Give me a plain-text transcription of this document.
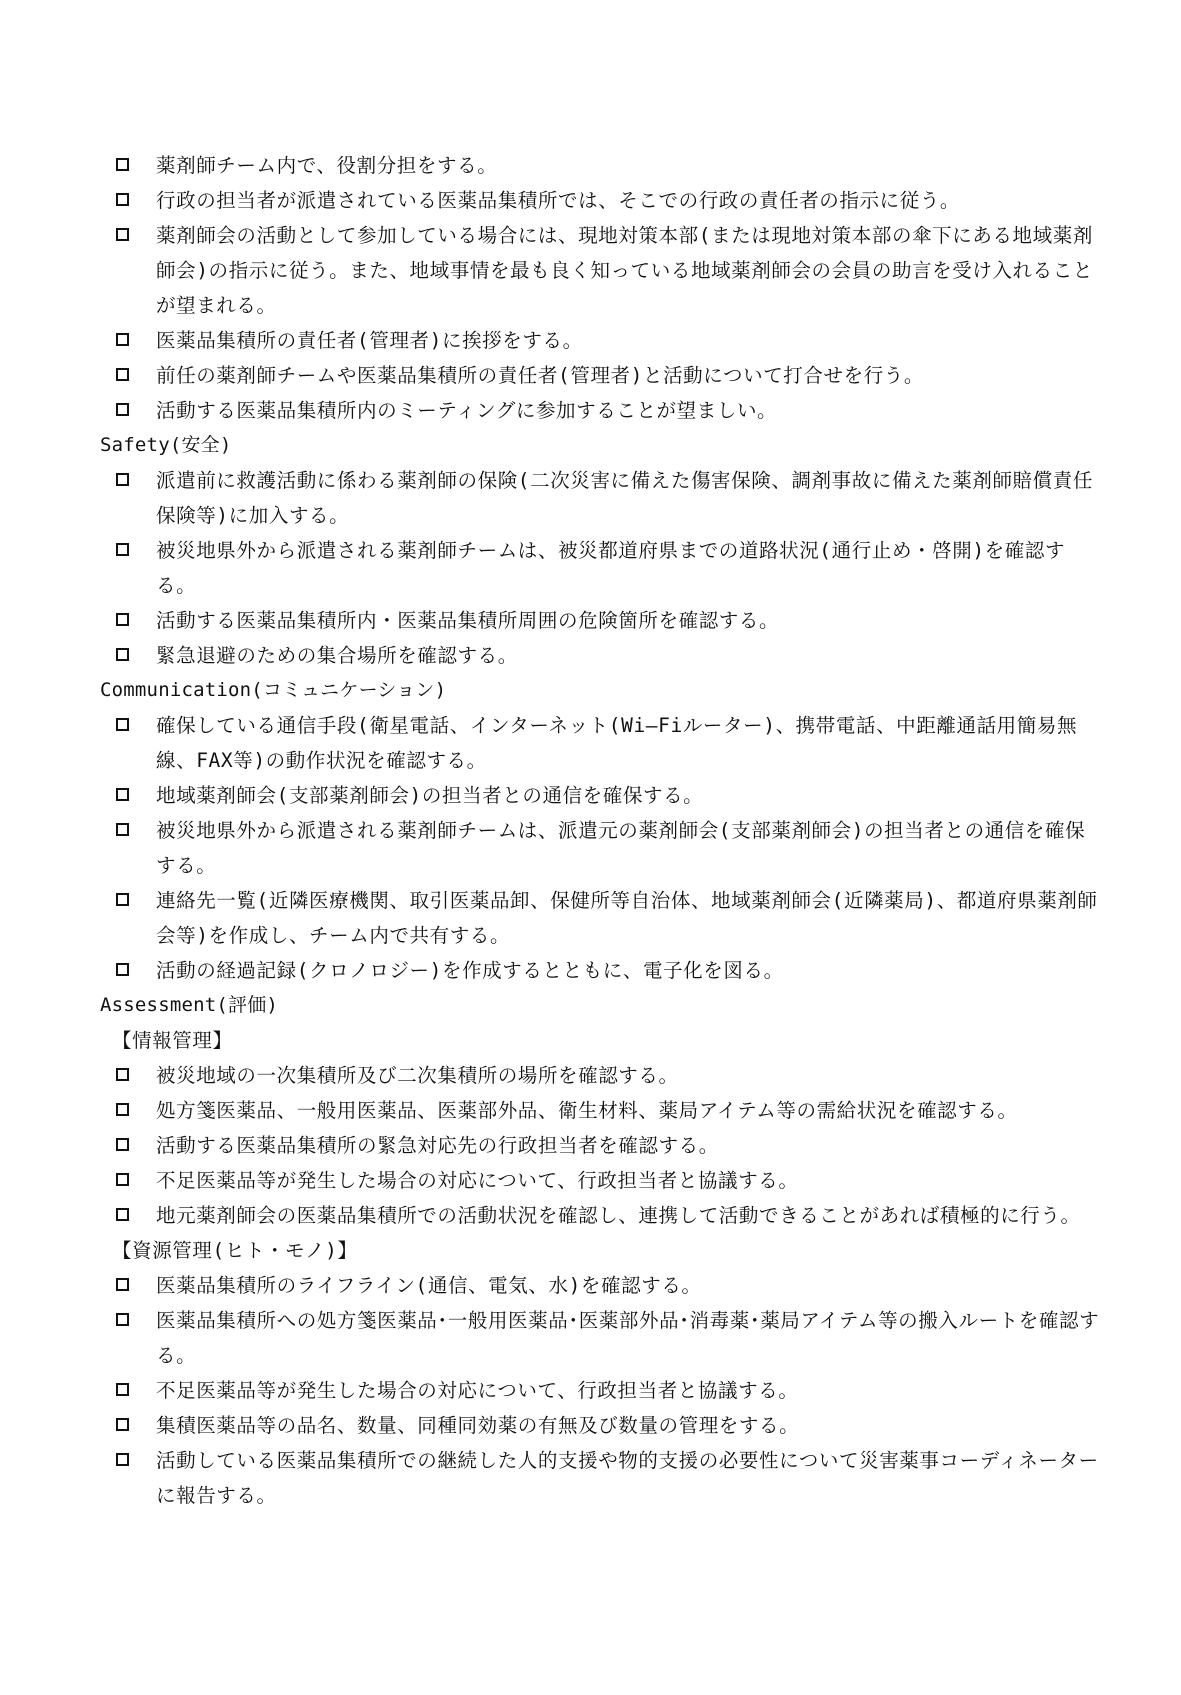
薬剤師チーム内で、役割分担をする。
行政の担当者が派遣されている医薬品集積所では、そこでの行政の責任者の指示に従う。
薬剤師会の活動として参加している場合には、現地対策本部(または現地対策本部の傘下にある地域薬剤師会)の指示に従う。また、地域事情を最も良く知っている地域薬剤師会の会員の助言を受け入れることが望まれる。
医薬品集積所の責任者(管理者)に挨拶をする。
前任の薬剤師チームや医薬品集積所の責任者(管理者)と活動について打合せを行う。
活動する医薬品集積所内のミーティングに参加することが望ましい。
Safety(安全)
派遣前に救護活動に係わる薬剤師の保険(二次災害に備えた傷害保険、調剤事故に備えた薬剤師賠償責任保険等)に加入する。
被災地県外から派遣される薬剤師チームは、被災都道府県までの道路状況(通行止め・啓開)を確認する。
活動する医薬品集積所内・医薬品集積所周囲の危険箇所を確認する。
緊急退避のための集合場所を確認する。
Communication(コミュニケーション)
確保している通信手段(衛星電話、インターネット(Wi―Fiルーター)、携帯電話、中距離通話用簡易無線、FAX等)の動作状況を確認する。
地域薬剤師会(支部薬剤師会)の担当者との通信を確保する。
被災地県外から派遣される薬剤師チームは、派遣元の薬剤師会(支部薬剤師会)の担当者との通信を確保する。
連絡先一覧(近隣医療機関、取引医薬品卸、保健所等自治体、地域薬剤師会(近隣薬局)、都道府県薬剤師会等)を作成し、チーム内で共有する。
活動の経過記録(クロノロジー)を作成するとともに、電子化を図る。
Assessment(評価)
【情報管理】
被災地域の一次集積所及び二次集積所の場所を確認する。
処方箋医薬品、一般用医薬品、医薬部外品、衛生材料、薬局アイテム等の需給状況を確認する。
活動する医薬品集積所の緊急対応先の行政担当者を確認する。
不足医薬品等が発生した場合の対応について、行政担当者と協議する。
地元薬剤師会の医薬品集積所での活動状況を確認し、連携して活動できることがあれば積極的に行う。
【資源管理(ヒト・モノ)】
医薬品集積所のライフライン(通信、電気、水)を確認する。
医薬品集積所への処方箋医薬品･一般用医薬品･医薬部外品･消毒薬･薬局アイテム等の搬入ルートを確認する。
不足医薬品等が発生した場合の対応について、行政担当者と協議する。
集積医薬品等の品名、数量、同種同効薬の有無及び数量の管理をする。
活動している医薬品集積所での継続した人的支援や物的支援の必要性について災害薬事コーディネーターに報告する。
